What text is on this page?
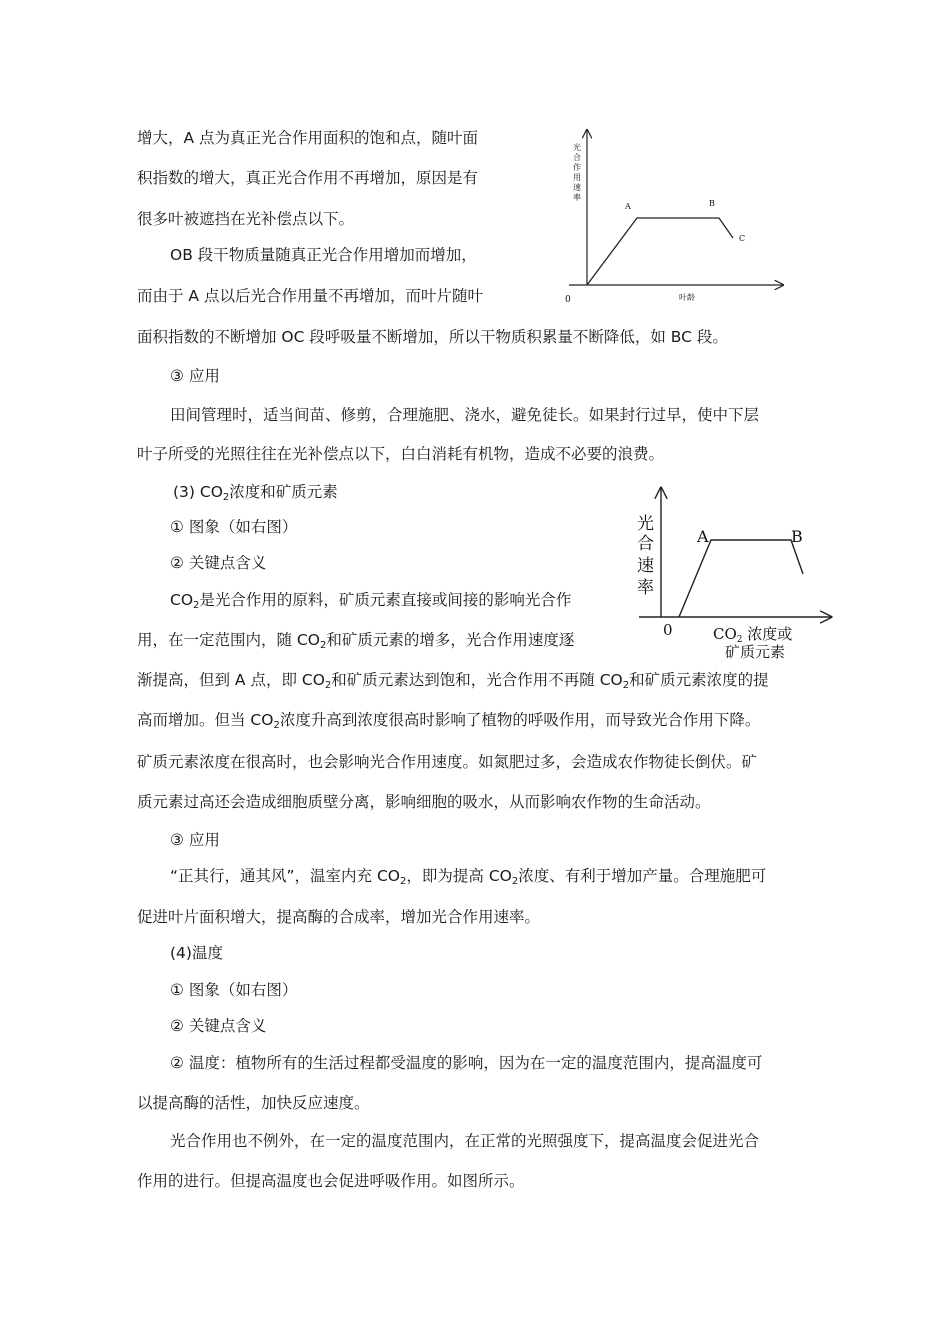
增大，A 点为真正光合作用面积的饱和点，随叶面
积指数的增大，真正光合作用不再增加，原因是有
很多叶被遮挡在光补偿点以下。
OB 段干物质量随真正光合作用增加而增加，
而由于 A 点以后光合作用量不再增加，而叶片随叶
面积指数的不断增加 OC 段呼吸量不断增加，所以干物质积累量不断降低，如 BC 段。
③ 应用
田间管理时，适当间苗、修剪，合理施肥、浇水，避免徒长。如果封行过早，使中下层
叶子所受的光照往往在光补偿点以下，白白消耗有机物，造成不必要的浪费。
(3) $CO_2$浓度和矿质元素
① 图象（如右图）
② 关键点含义
$CO_2$是光合作用的原料，矿质元素直接或间接的影响光合作
用，在一定范围内，随 $CO_2$和矿质元素的增多，光合作用速度逐
渐提高，但到 A 点，即 $CO_2$和矿质元素达到饱和，光合作用不再随 $CO_2$和矿质元素浓度的提
高而增加。但当 $CO_2$浓度升高到浓度很高时影响了植物的呼吸作用，而导致光合作用下降。
矿质元素浓度在很高时，也会影响光合作用速度。如氮肥过多，会造成农作物徒长倒伏。矿
质元素过高还会造成细胞质壁分离，影响细胞的吸水，从而影响农作物的生命活动。
③ 应用
“正其行，通其风”，温室内充 $CO_2$，即为提高 $CO_2$浓度、有利于增加产量。合理施肥可
促进叶片面积增大，提高酶的合成率，增加光合作用速率。
(4)温度
① 图象（如右图）
② 关键点含义
② 温度：植物所有的生活过程都受温度的影响，因为在一定的温度范围内，提高温度可
以提高酶的活性，加快反应速度。
光合作用也不例外，在一定的温度范围内，在正常的光照强度下，提高温度会促进光合
作用的进行。但提高温度也会促进呼吸作用。如图所示。
光
合
作
用
速
率
A	B
C
0	叶龄
光
合
速
率
A	B
0	$CO_2$ 浓度或
矿质元素
